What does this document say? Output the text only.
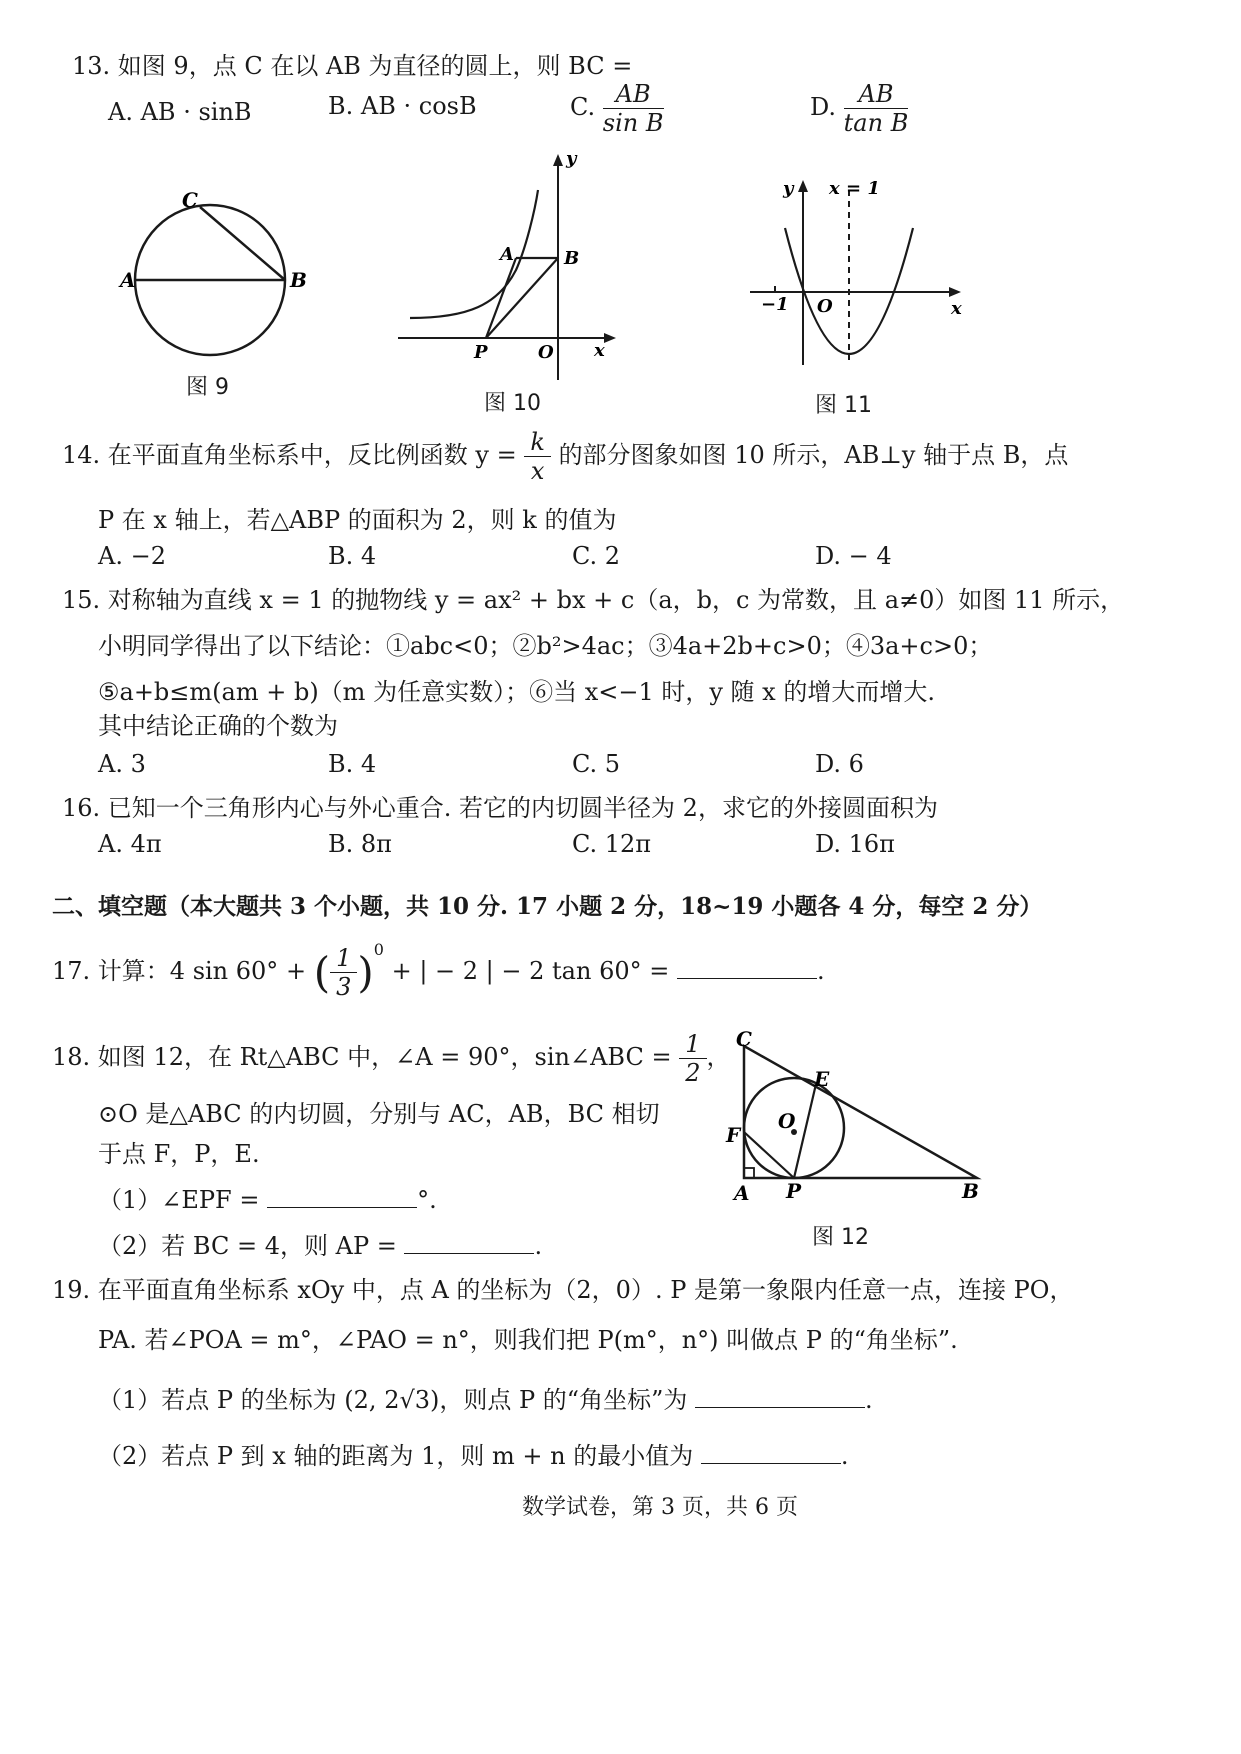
13. 如图 9，点 C 在以 AB 为直径的圆上，则 BC =
A. AB · sinB	B. AB · cosB	C. $\frac{AB}{\text{sin B}}$	D. $\frac{AB}{\text{tan B}}$
C
A	B
图 9
y
A	B
P	O x
图 10
y x = 1
−1 O	x
图 11
14. 在平面直角坐标系中，反比例函数 $y = \frac{k}{x}$ 的部分图象如图 10 所示，AB⊥y 轴于点 B，点
P 在 x 轴上，若△ABP 的面积为 2，则 k 的值为
A. −2	B. 4	C. 2	D. − 4
15. 对称轴为直线 x = 1 的抛物线 y = ax² + bx + c（a，b，c 为常数，且 a≠0）如图 11 所示，
小明同学得出了以下结论：①abc<0；②b²>4ac；③4a+2b+c>0；④3a+c>0；
⑤a+b≤m(am + b)（m 为任意实数）；⑥当 x<−1 时，y 随 x 的增大而增大.
其中结论正确的个数为
A. 3	B. 4	C. 5	D. 6
16. 已知一个三角形内心与外心重合. 若它的内切圆半径为 2，求它的外接圆面积为
A. 4π	B. 8π	C. 12π	D. 16π
二、填空题（本大题共 3 个小题，共 10 分. 17 小题 2 分，18~19 小题各 4 分，每空 2 分）
17. 计算：4 sin 60° + ( $\frac{1}{3} )^0$ + | − 2 | − 2 tan 60° =	.
18. 如图 12，在 Rt△ABC 中，∠A = 90°，sin∠ABC = $\frac{1}{2}$ ，
⊙O 是△ABC 的内切圆，分别与 AC，AB，BC 相切
于点 F，P，E.
（1）∠EPF =	°.
（2）若 BC = 4，则 AP =	.
C
E
O
F
A P	B
图 12
19. 在平面直角坐标系 xOy 中，点 A 的坐标为（2，0）. P 是第一象限内任意一点，连接 PO，
PA. 若∠POA = m°，∠PAO = n°，则我们把 P(m°，n°) 叫做点 P 的“角坐标”.
（1）若点 P 的坐标为 (2, 2√3)，则点 P 的“角坐标”为	.
（2）若点 P 到 x 轴的距离为 1，则 m + n 的最小值为	.
数学试卷，第 3 页，共 6 页
